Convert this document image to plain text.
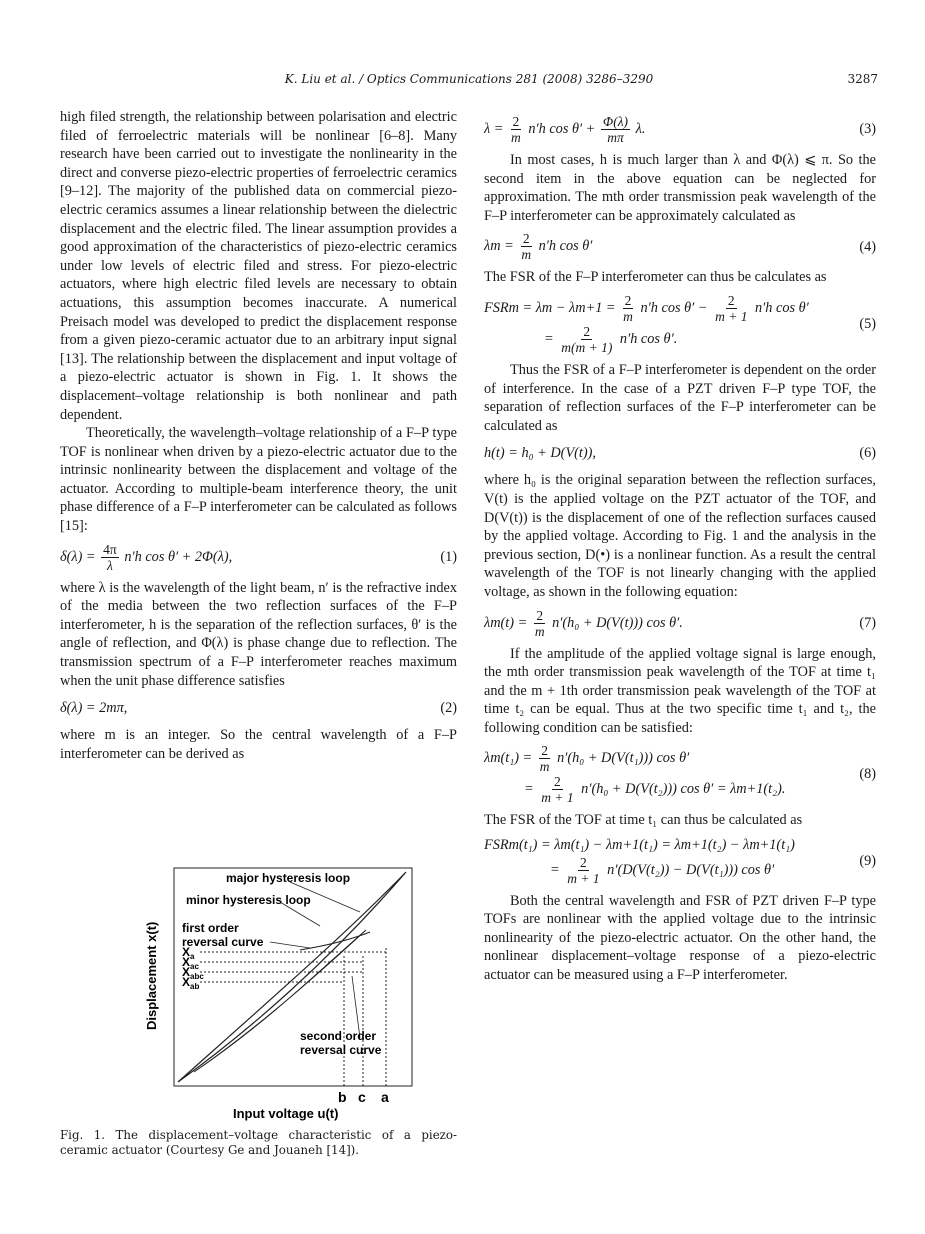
K. Liu et al. / Optics Communications 281 (2008) 3286–3290	3287

high filed strength, the relationship between polarisation and electric filed of ferroelectric materials will be nonlinear [6–8]. Many research have been carried out to investigate the nonlinearity in the direct and converse piezo-electric properties of ferroelectric ceramics [9–12]. The majority of the published data on commercial piezo-electric ceramics assumes a linear relationship between the dielectric displacement and the electric filed. The linear assumption provides a good approximation of the characteristics of piezo-electric ceramics under low levels of electric filed and stress. For piezo-electric actuators, where high electric filed levels are necessary to obtain actuations, this assumption becomes inaccurate. A numerical Preisach model was developed to predict the displacement response from a given piezo-ceramic actuator due to an arbitrary input signal [13]. The relationship between the displacement and input voltage of a piezo-electric actuator is shown in Fig. 1. It shows the displacement–voltage relationship is both nonlinear and path dependent.

Theoretically, the wavelength–voltage relationship of a F–P type TOF is nonlinear when driven by a piezo-electric actuator due to the intrinsic nonlinearity between the displacement and voltage of the actuator. According to multiple-beam interference theory, the unit phase difference of a F–P interferometer can be calculated as follows [15]:

$\delta(\lambda) = \frac{4\pi}{\lambda} n'h$ cos θ′ + 2Φ(λ),	(1)

where λ is the wavelength of the light beam, n′ is the refractive index of the media between the two reflection surfaces of the F–P interferometer, h is the separation of the reflection surfaces, θ′ is the angle of reflection, and Φ(λ) is phase change due to reflection. The transmission spectrum of a F–P interferometer reaches maximum when the unit phase difference satisfies

δ(λ) = 2mπ,	(2)

where m is an integer. So the central wavelength of a F–P interferometer can be derived as

major hysteresis loop
minor hysteresis loop
first order
reversal curve
second order
reversal curve
$X_a$
$X_{ac}$
$X_{abc}$
$X_{ab}$
Displacement x(t)
b c a
Input voltage u(t)
Fig. 1. The displacement–voltage characteristic of a piezo-ceramic actuator (Courtesy Ge and Jouaneh [14]).
$\lambda = \frac{2}{m} n'h$ $\cos \theta' + \frac{\Phi(\lambda)}{m\pi} \lambda$.	(3)

In most cases, h is much larger than λ and Φ(λ) ⩽ π. So the second item in the above equation can be neglected for approximation. The mth order transmission peak wavelength of the F–P interferometer can be approximately calculated as

$\lambda m = \frac{2}{m} n'h$ cos θ′	(4)

The FSR of the F–P interferometer can thus be calculates as

FSRm = $\lambda m - \lambda m+1 = \frac{2}{m} n'h$ $\cos \theta' - \frac{2}{m + 1} n'h$ cos θ′
= $\frac{2}{m(m + 1)} n'h$ cos θ′.
(5)

Thus the FSR of a F–P interferometer is dependent on the order of interference. In the case of a PZT driven F–P type TOF, the separation of reflection surfaces of the F–P interferometer can be calculated as

h(t) = h₀ + D(V(t)),	(6)

where h₀ is the original separation between the reflection surfaces, V(t) is the applied voltage on the PZT actuator of the TOF, and D(V(t)) is the displacement of one of the reflection surfaces caused by the applied voltage. According to Fig. 1 and the analysis in the previous section, D(•) is a nonlinear function. As a result the central wavelength of the TOF is not linearly changing with the applied voltage, as shown in the following equation:

$\lambda m(t) = \frac{2}{m} n'(h_0 + D(V(t)))$ cos θ′.	(7)

If the amplitude of the applied voltage signal is large enough, the mth order transmission peak wavelength of the TOF at time t₁ and the m + 1th order transmission peak wavelength of the TOF at time t₂ can be equal. Thus at the two specific time t₁ and t₂, the following condition can be satisfied:

$\lambda m(t_1) = \frac{2}{m} n'(h_0 + D(V(t_1)))$ cos θ′
= $\frac{2}{m + 1} n'(h_0 + D(V(t_2)))$ cos θ′ = λm+1(t₂).
(8)

The FSR of the TOF at time t₁ can thus be calculated as

FSRm(t₁) = λm(t₁) − λm+1(t₁) = λm+1(t₂) − λm+1(t₁)
= $\frac{2}{m + 1} n'(D(V(t_2)) - D(V(t_1)))$ cos θ′
(9)

Both the central wavelength and FSR of PZT driven F–P type TOFs are nonlinear with the applied voltage due to the intrinsic nonlinearity of the piezo-electric actuator. On the other hand, the nonlinear displacement–voltage response of a piezo-electric actuator can be measured using a F–P interferometer.
